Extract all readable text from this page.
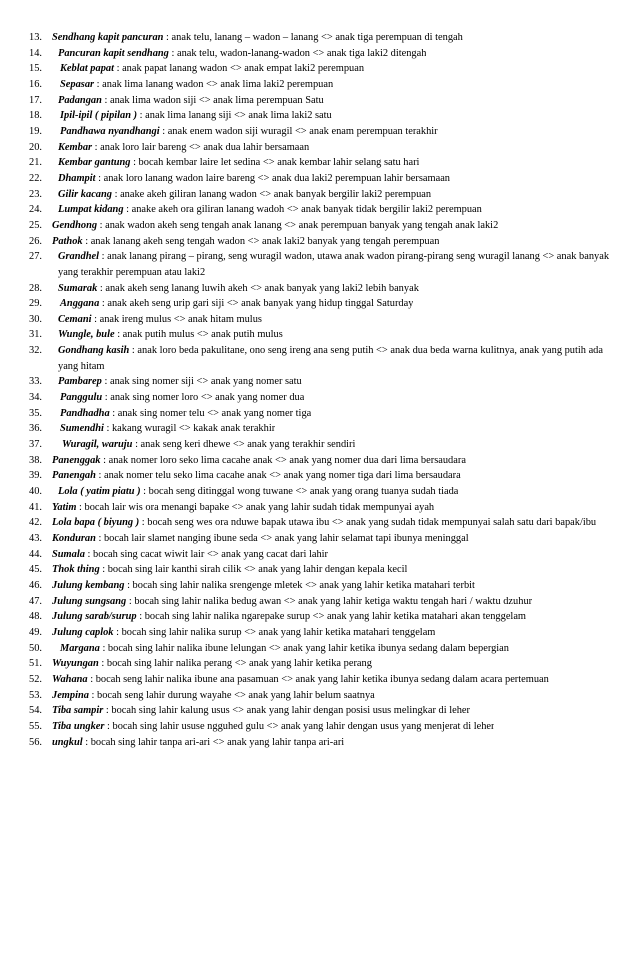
13. Sendhang kapit pancuran : anak telu, lanang – wadon – lanang <> anak tiga perempuan di tengah
14.	Pancuran kapit sendhang : anak telu, wadon-lanang-wadon <> anak tiga laki2 ditengah
15.	Keblat papat : anak papat lanang wadon <> anak empat laki2 perempuan
16.	Sepasar : anak lima lanang wadon <> anak lima laki2 perempuan
17.	Padangan : anak lima wadon siji <> anak lima perempuan Satu
18.	Ipil-ipil ( pipilan ) : anak lima lanang siji <> anak lima laki2 satu
19.	Pandhawa nyandhangi : anak enem wadon siji wuragil <> anak enam perempuan terakhir
20.	Kembar : anak loro lair bareng <> anak dua lahir bersamaan
21.	Kembar gantung : bocah kembar laire let sedina <> anak kembar lahir selang satu hari
22.	Dhampit : anak loro lanang wadon laire bareng <> anak dua laki2 perempuan lahir bersamaan
23.	Gilir kacang : anake akeh giliran lanang wadon <> anak banyak bergilir laki2 perempuan
24.	Lumpat kidang : anake akeh ora giliran lanang wadoh <> anak banyak tidak bergilir laki2 perempuan
25. Gendhong : anak wadon akeh seng tengah anak lanang <> anak perempuan banyak yang tengah anak laki2
26. Pathok : anak lanang akeh seng tengah wadon <> anak laki2 banyak yang tengah perempuan
27.	Grandhel : anak lanang pirang – pirang, seng wuragil wadon, utawa anak wadon pirang-pirang seng wuragil lanang <> anak banyak yang terakhir perempuan atau laki2
28.	Sumarak : anak akeh seng lanang luwih akeh <> anak banyak yang laki2 lebih banyak
29.	Anggana : anak akeh seng urip gari siji <> anak banyak yang hidup tinggal Saturday
30.	Cemani : anak ireng mulus <> anak hitam mulus
31.	Wungle, bule : anak putih mulus <> anak putih mulus
32.	Gondhang kasih : anak loro beda pakulitane, ono seng ireng ana seng putih <> anak dua beda warna kulitnya, anak yang putih ada yang hitam
33.	Pambarep : anak sing nomer siji <> anak yang nomer satu
34.	Panggulu : anak sing nomer loro <> anak yang nomer dua
35.	Pandhadha : anak sing nomer telu <> anak yang nomer tiga
36.	Sumendhi : kakang wuragil <> kakak anak terakhir
37.	Wuragil, waruju : anak seng keri dhewe <> anak yang terakhir sendiri
38. Panenggak : anak nomer loro seko lima cacahe anak <> anak yang nomer dua dari lima bersaudara
39. Panengah : anak nomer telu seko lima cacahe anak <> anak yang nomer tiga dari lima bersaudara
40.	Lola ( yatim piatu ) : bocah seng ditinggal wong tuwane <> anak yang orang tuanya sudah tiada
41. Yatim : bocah lair wis ora menangi bapake <> anak yang lahir sudah tidak mempunyai ayah
42. Lola bapa ( biyung ) : bocah seng wes ora nduwe bapak utawa ibu <> anak yang sudah tidak mempunyai salah satu dari bapak/ibu
43. Konduran : bocah lair slamet nanging ibune seda <> anak yang lahir selamat tapi ibunya meninggal
44. Sumala : bocah sing cacat wiwit lair <> anak yang cacat dari lahir
45. Thok thing : bocah sing lair kanthi sirah cilik <> anak yang lahir dengan kepala kecil
46. Julung kembang : bocah sing lahir nalika srengenge mletek <> anak yang lahir ketika matahari terbit
47. Julung sungsang : bocah sing lahir nalika bedug awan <> anak yang lahir ketiga waktu tengah hari / waktu dzuhur
48. Julung sarab/surup : bocah sing lahir nalika ngarepake surup <> anak yang lahir ketika matahari akan tenggelam
49. Julung caplok : bocah sing lahir nalika surup <> anak yang lahir ketika matahari tenggelam
50.	Margana : bocah sing lahir nalika ibune lelungan <> anak yang lahir ketika ibunya sedang dalam bepergian
51. Wuyungan : bocah sing lahir nalika perang <> anak yang lahir ketika perang
52. Wahana : bocah seng lahir nalika ibune ana pasamuan <> anak yang lahir ketika ibunya sedang dalam acara pertemuan
53. Jempina : bocah seng lahir durung wayahe <> anak yang lahir belum saatnya
54. Tiba sampir : bocah sing lahir kalung usus <> anak yang lahir dengan posisi usus melingkar di leher
55. Tiba ungker : bocah sing lahir ususe ngguhed gulu <> anak yang lahir dengan usus yang menjerat di leher
56. ungkul : bocah sing lahir tanpa ari-ari <> anak yang lahir tanpa ari-ari
